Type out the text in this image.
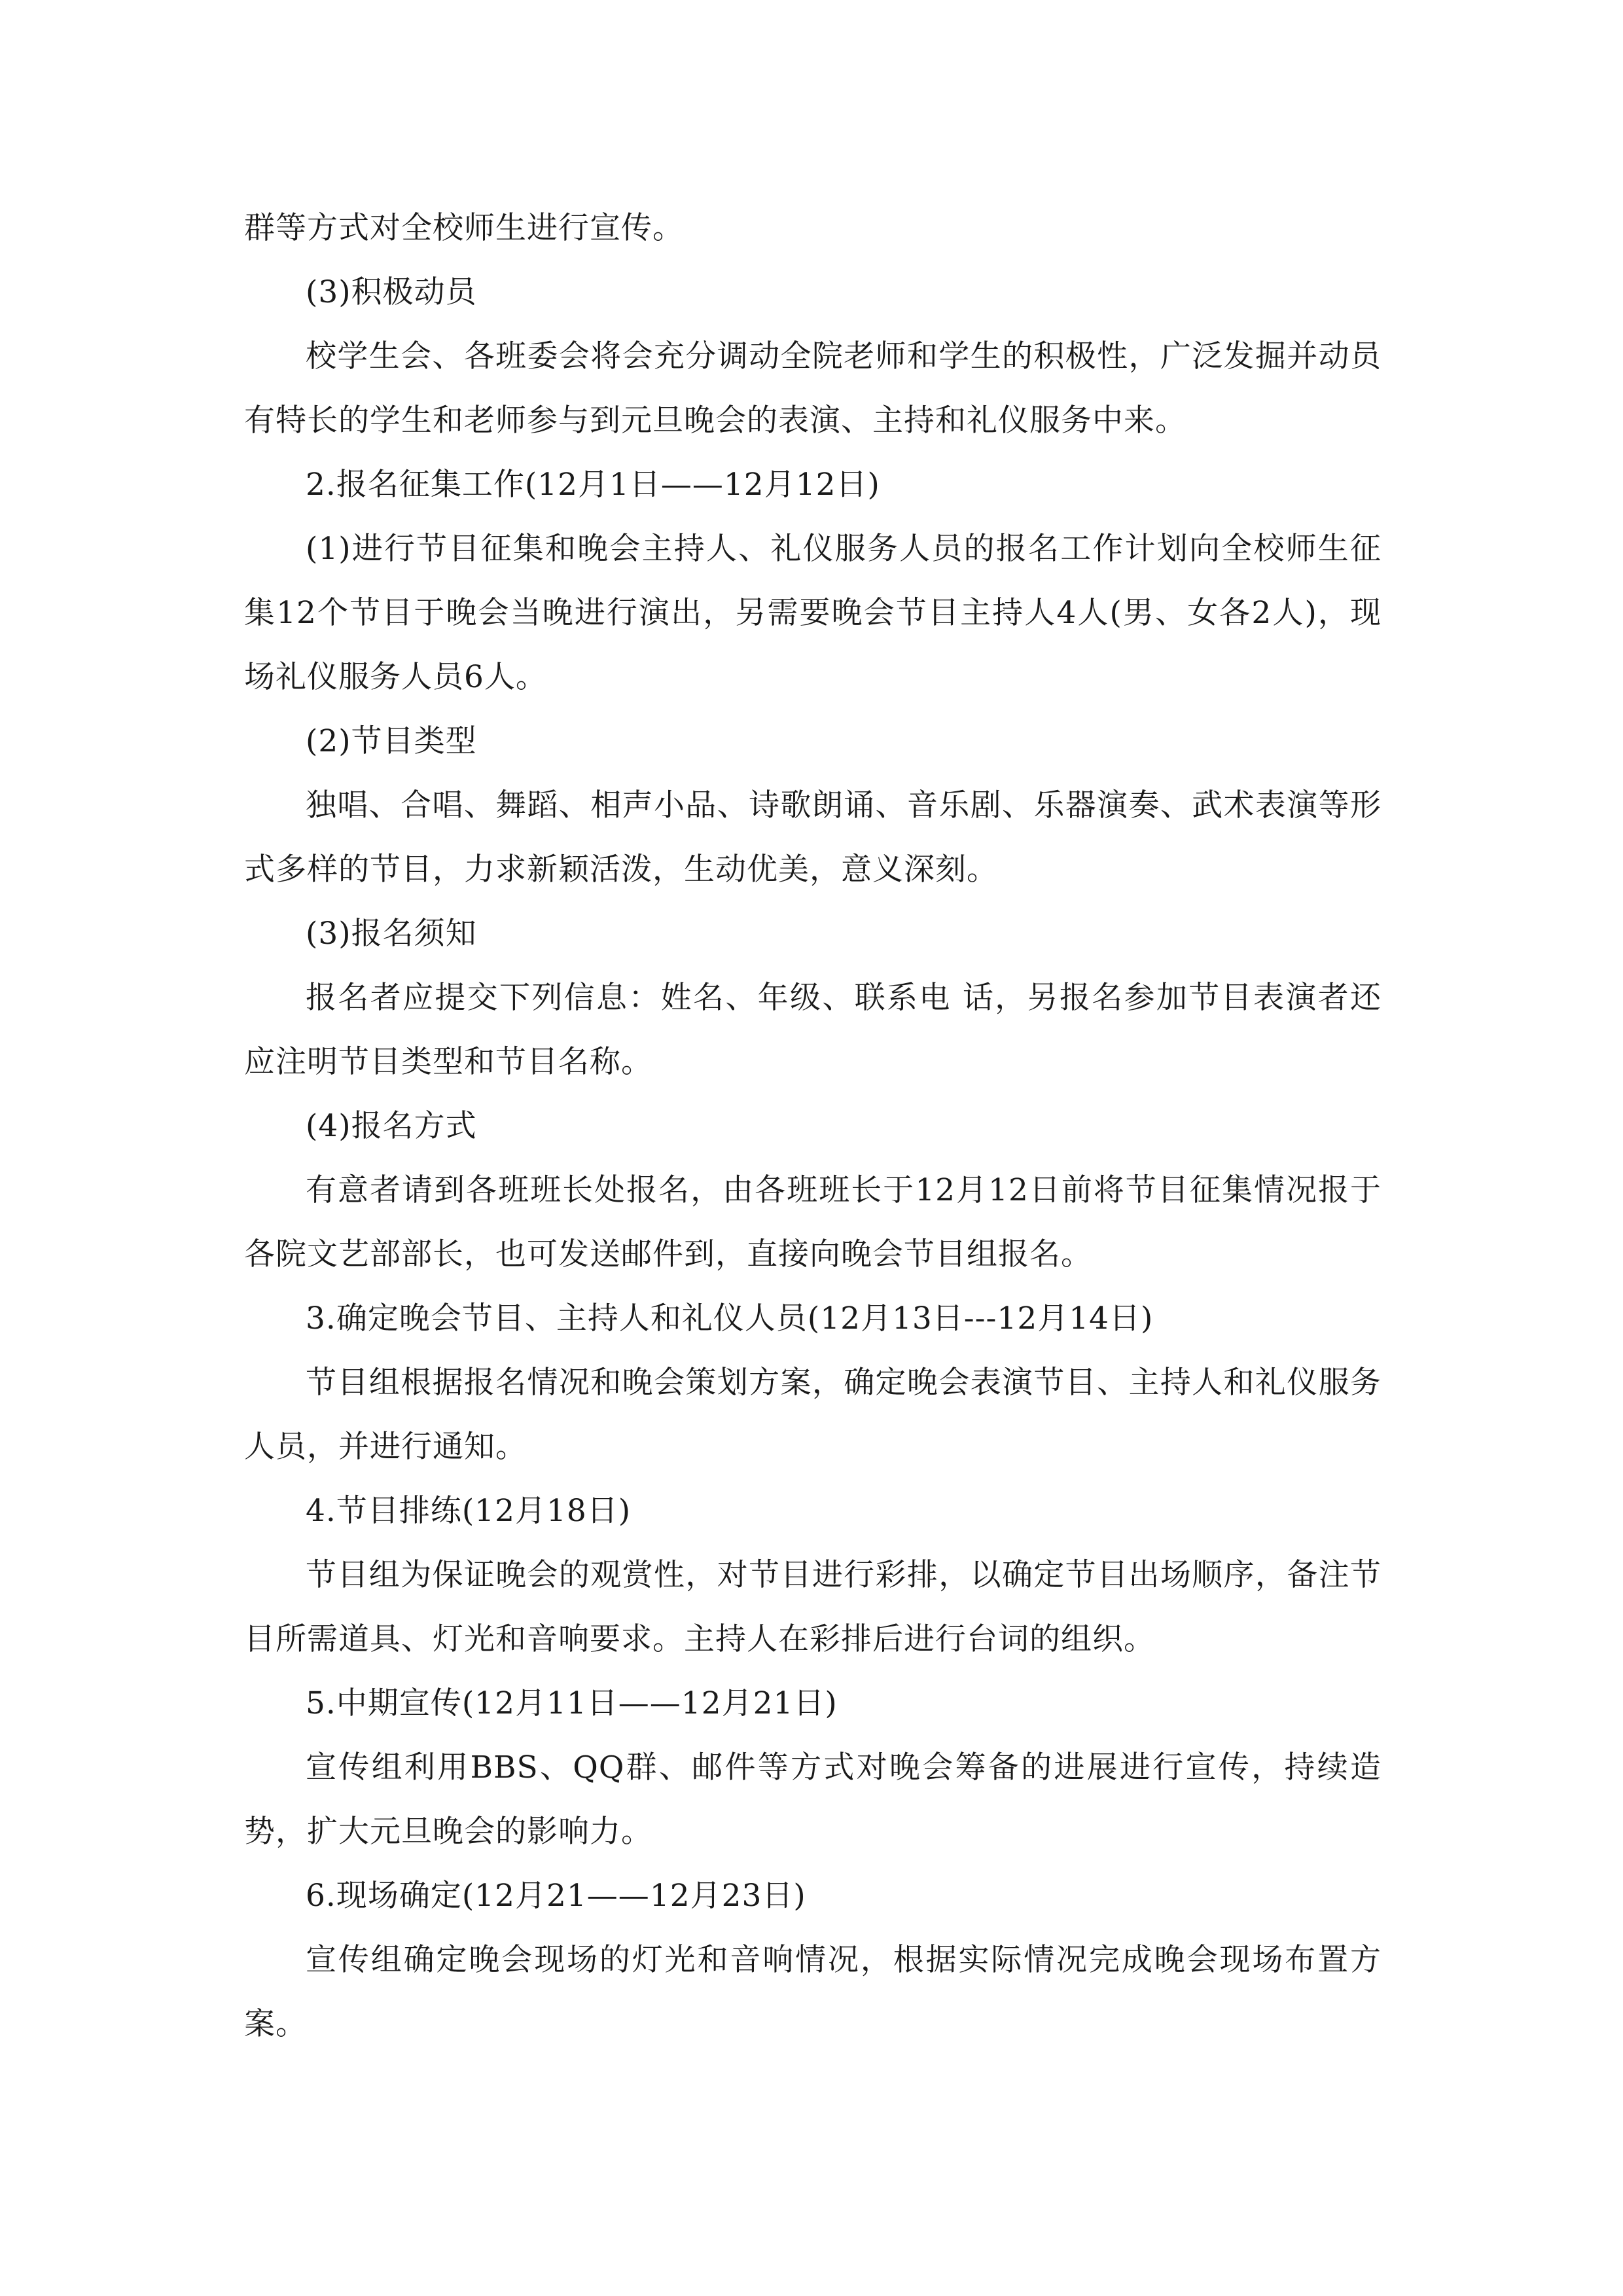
群等方式对全校师生进行宣传。

(3)积极动员

校学生会、各班委会将会充分调动全院老师和学生的积极性，广泛发掘并动员有特长的学生和老师参与到元旦晚会的表演、主持和礼仪服务中来。

2.报名征集工作(12月1日——12月12日)

(1)进行节目征集和晚会主持人、礼仪服务人员的报名工作计划向全校师生征集12个节目于晚会当晚进行演出，另需要晚会节目主持人4人(男、女各2人)，现场礼仪服务人员6人。

(2)节目类型

独唱、合唱、舞蹈、相声小品、诗歌朗诵、音乐剧、乐器演奏、武术表演等形式多样的节目，力求新颖活泼，生动优美，意义深刻。

(3)报名须知

报名者应提交下列信息：姓名、年级、联系电 话，另报名参加节目表演者还应注明节目类型和节目名称。

(4)报名方式

有意者请到各班班长处报名，由各班班长于12月12日前将节目征集情况报于各院文艺部部长，也可发送邮件到，直接向晚会节目组报名。

3.确定晚会节目、主持人和礼仪人员(12月13日---12月14日)

节目组根据报名情况和晚会策划方案，确定晚会表演节目、主持人和礼仪服务人员，并进行通知。

4.节目排练(12月18日)

节目组为保证晚会的观赏性，对节目进行彩排，以确定节目出场顺序，备注节目所需道具、灯光和音响要求。主持人在彩排后进行台词的组织。

5.中期宣传(12月11日——12月21日)

宣传组利用BBS、QQ群、邮件等方式对晚会筹备的进展进行宣传，持续造势，扩大元旦晚会的影响力。

6.现场确定(12月21——12月23日)

宣传组确定晚会现场的灯光和音响情况，根据实际情况完成晚会现场布置方案。
